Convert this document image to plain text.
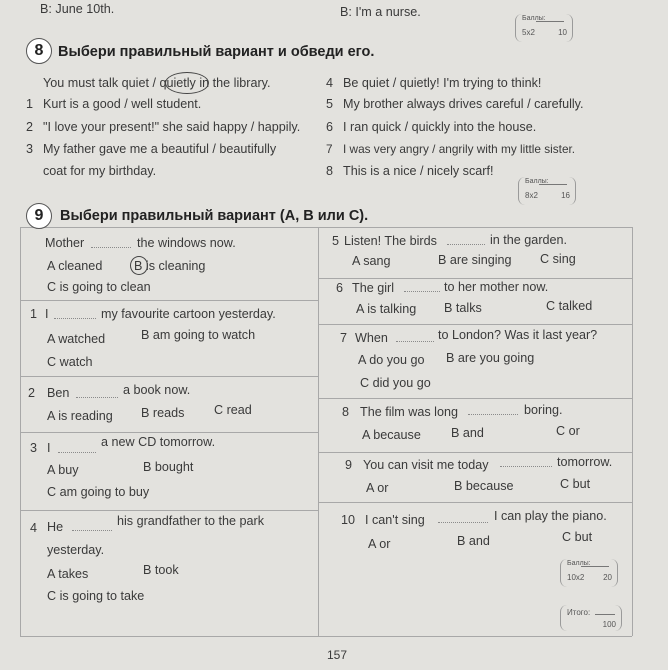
B: June 10th.	B: I'm a nurse.	Баллы:
5x2	10
8	Выбери правильный вариант и обведи его.
You must talk quiet / quietly in the library.
1 Kurt is a good / well student.
2 "I love your present!" she said happy / happily.
3 My father gave me a beautiful / beautifully
coat for my birthday.
4 Be quiet / quietly! I'm trying to think!
5 My brother always drives careful / carefully.
6 I ran quick / quickly into the house.
7 I was very angry / angrily with my little sister.
8 This is a nice / nicely scarf!
Баллы:
8x2	16
9	Выбери правильный вариант (A, B или C).
Mother	the windows now.
A cleaned	B is cleaning
C is going to clean
1 I	my favourite cartoon yesterday.
A watched	B am going to watch
C watch
2 Ben	a book now.
A is reading B reads C read
3 I	a new CD tomorrow.
A buy	B bought
C am going to buy
4 He	his grandfather to the park
yesterday.
A takes	B took
C is going to take
5 Listen! The birds	in the garden.
A sang	B are singing C sing
6 The girl	to her mother now.
A is talking B talks	C talked
7 When	to London? Was it last year?
A do you go B are you going
C did you go
8 The film was long	boring.
A because B and	C or
9 You can visit me today	tomorrow.
A or	B because	C but
10 I can't sing	I can play the piano.
A or	B and	C but
Баллы:
10x2 20
Итого:
100
157
